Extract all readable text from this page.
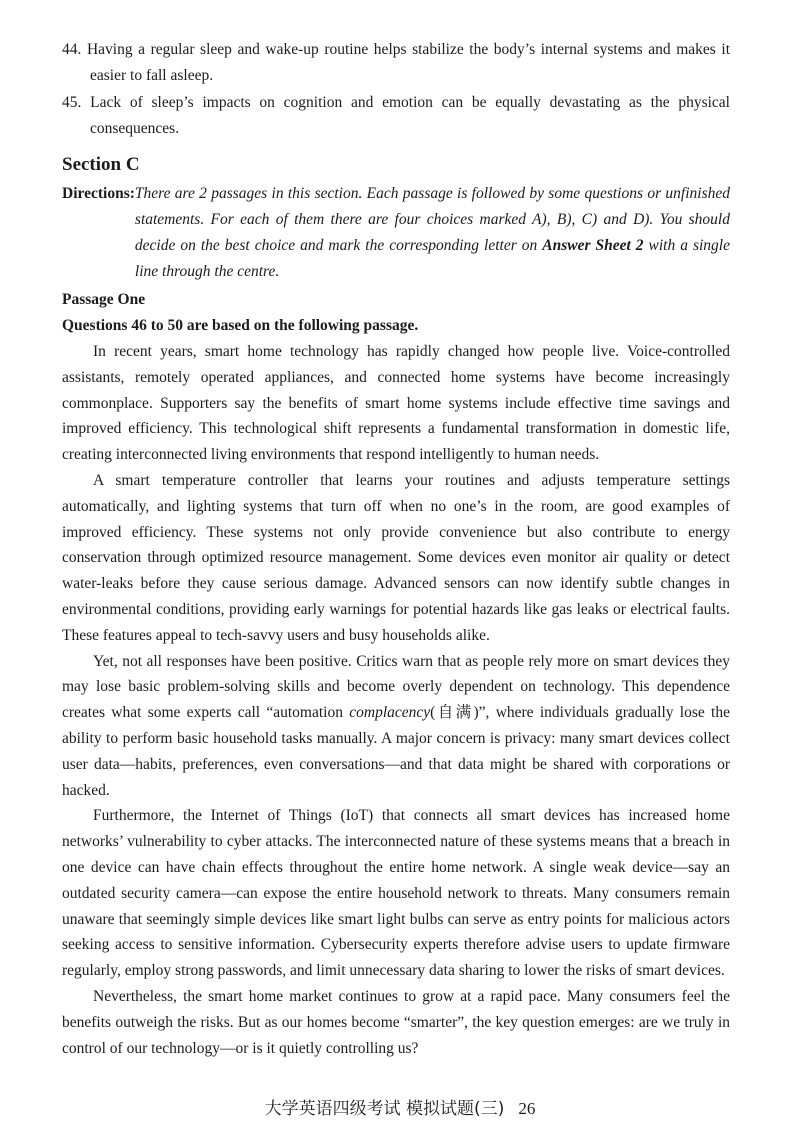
44. Having a regular sleep and wake-up routine helps stabilize the body’s internal systems and makes it easier to fall asleep.
45. Lack of sleep’s impacts on cognition and emotion can be equally devastating as the physical consequences.
Section C
Directions: There are 2 passages in this section. Each passage is followed by some questions or unfinished statements. For each of them there are four choices marked A), B), C) and D). You should decide on the best choice and mark the corresponding letter on Answer Sheet 2 with a single line through the centre.
Passage One
Questions 46 to 50 are based on the following passage.

In recent years, smart home technology has rapidly changed how people live. Voice-controlled assistants, remotely operated appliances, and connected home systems have become increasingly commonplace. Supporters say the benefits of smart home systems include effective time savings and improved efficiency. This technological shift represents a fundamental transformation in domestic life, creating interconnected living environments that respond intelligently to human needs.

A smart temperature controller that learns your routines and adjusts temperature settings automatically, and lighting systems that turn off when no one’s in the room, are good examples of improved efficiency. These systems not only provide convenience but also contribute to energy conservation through optimized resource management. Some devices even monitor air quality or detect water-leaks before they cause serious damage. Advanced sensors can now identify subtle changes in environmental conditions, providing early warnings for potential hazards like gas leaks or electrical faults. These features appeal to tech-savvy users and busy households alike.

Yet, not all responses have been positive. Critics warn that as people rely more on smart devices they may lose basic problem-solving skills and become overly dependent on technology. This dependence creates what some experts call “automation complacency(自满)”, where individuals gradually lose the ability to perform basic household tasks manually. A major concern is privacy: many smart devices collect user data—habits, preferences, even conversations—and that data might be shared with corporations or hacked.

Furthermore, the Internet of Things (IoT) that connects all smart devices has increased home networks’ vulnerability to cyber attacks. The interconnected nature of these systems means that a breach in one device can have chain effects throughout the entire home network. A single weak device—say an outdated security camera—can expose the entire household network to threats. Many consumers remain unaware that seemingly simple devices like smart light bulbs can serve as entry points for malicious actors seeking access to sensitive information. Cybersecurity experts therefore advise users to update firmware regularly, employ strong passwords, and limit unnecessary data sharing to lower the risks of smart devices.

Nevertheless, the smart home market continues to grow at a rapid pace. Many consumers feel the benefits outweigh the risks. But as our homes become “smarter”, the key question emerges: are we truly in control of our technology—or is it quietly controlling us?

大学英语四级考试 模拟试题(三) 26
